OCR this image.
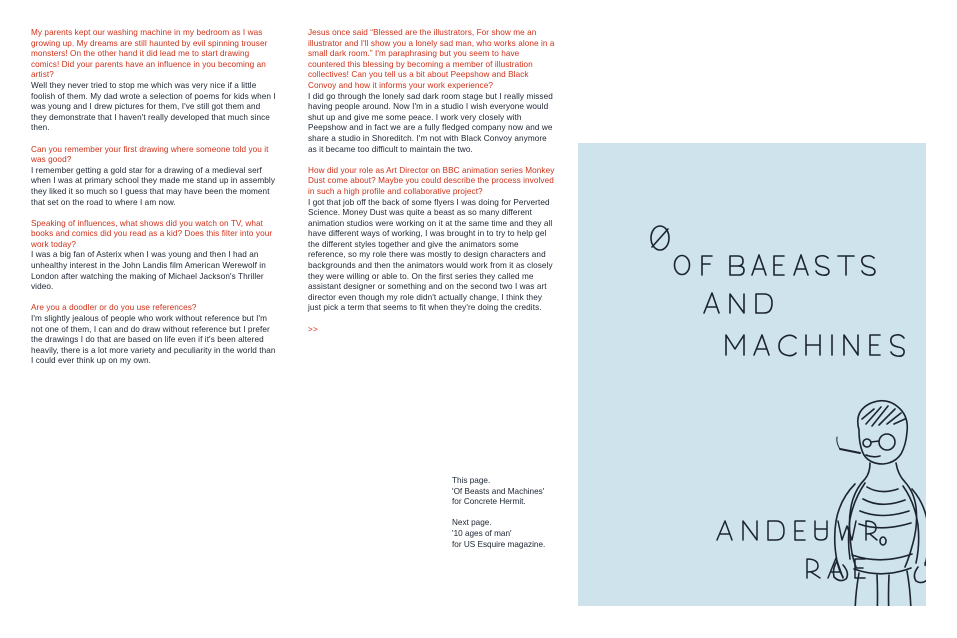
My parents kept our washing machine in my bedroom as I was growing up. My dreams are still haunted by evil spinning trouser monsters! On the other hand it did lead me to start drawing comics! Did your parents have an influence in you becoming an artist?

Well they never tried to stop me which was very nice if a little foolish of them. My dad wrote a selection of poems for kids when I was young and I drew pictures for them, I've still got them and they demonstrate that I haven't really developed that much since then.

Can you remember your first drawing where someone told you it was good?

I remember getting a gold star for a drawing of a medieval serf when I was at primary school they made me stand up in assembly they liked it so much so I guess that may have been the moment that set on the road to where I am now.

Speaking of influences, what shows did you watch on TV, what books and comics did you read as a kid? Does this filter into your work today?

I was a big fan of Asterix when I was young and then I had an unhealthy interest in the John Landis film American Werewolf in London after watching the making of Michael Jackson's Thriller video.

Are you a doodler or do you use references?

I'm slightly jealous of people who work without reference but I'm not one of them, I can and do draw without reference but I prefer the drawings I do that are based on life even if it's been altered heavily, there is a lot more variety and peculiarity in the world than I could ever think up on my own.

Jesus once said “Blessed are the illustrators, For show me an illustrator and I'll show you a lonely sad man, who works alone in a small dark room.” I'm paraphrasing but you seem to have countered this blessing by becoming a member of illustration collectives! Can you tell us a bit about Peepshow and Black Convoy and how it informs your work experience?

I did go through the lonely sad dark room stage but I really missed having people around. Now I'm in a studio I wish everyone would shut up and give me some peace. I work very closely with Peepshow and in fact we are a fully fledged company now and we share a studio in Shoreditch. I'm not with Black Convoy anymore as it became too difficult to maintain the two.

How did your role as Art Director on BBC animation series Monkey Dust come about? Maybe you could describe the process involved in such a high profile and collaborative project?

I got that job off the back of some flyers I was doing for Perverted Science. Money Dust was quite a beast as so many different animation studios were working on it at the same time and they all have different ways of working, I was brought in to try to help gel the different styles together and give the animators some reference, so my role there was mostly to design characters and backgrounds and then the animators would work from it as closely they were willing or able to. On the first series they called me assistant designer or something and on the second two I was art director even though my role didn't actually change, I think they just pick a term that seems to fit when they're doing the credits.

>>

This page.

'Of Beasts and Machines'

for Concrete Hermit.

Next page.

'10 ages of man'

for US Esquire magazine.
